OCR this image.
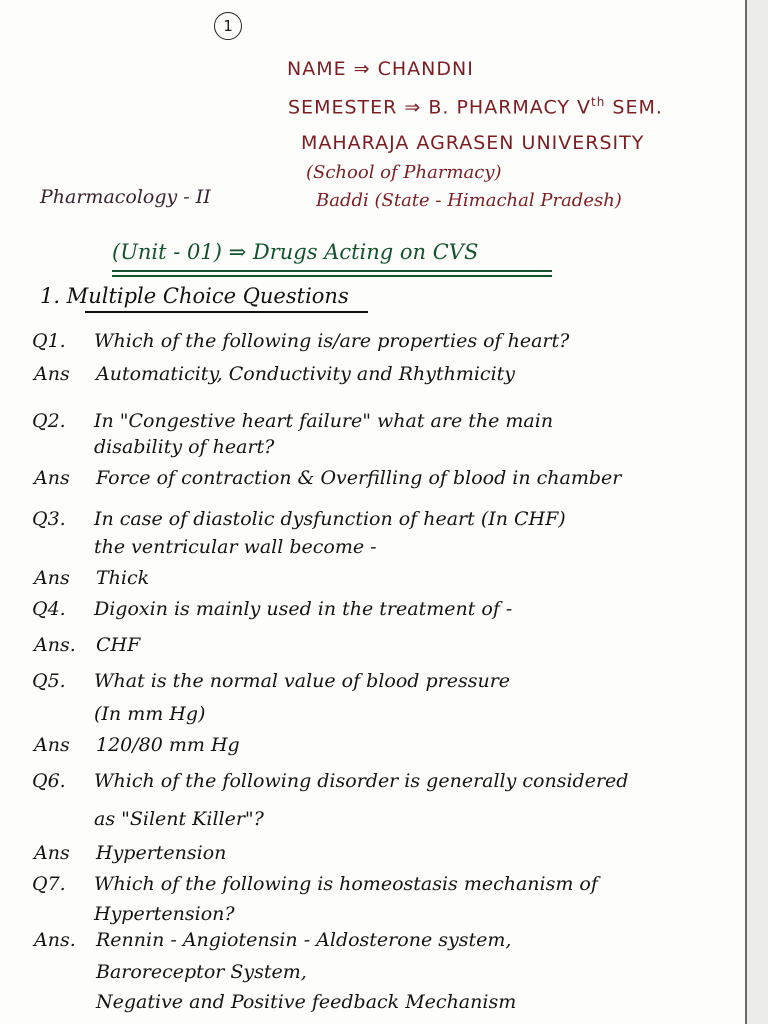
1
NAME ⇒ CHANDNI
SEMESTER ⇒ B. PHARMACY Vth SEM.
MAHARAJA AGRASEN UNIVERSITY
(School of Pharmacy)
Baddi (State - Himachal Pradesh)
Pharmacology - II
(Unit - 01) ⇒ Drugs Acting on CVS
1. Multiple Choice Questions
Q1. Which of the following is/are properties of heart?
Ans Automaticity, Conductivity and Rhythmicity
Q2. In "Congestive heart failure" what are the main
disability of heart?
Ans Force of contraction & Overfilling of blood in chamber
Q3. In case of diastolic dysfunction of heart (In CHF)
the ventricular wall become -
Ans Thick
Q4. Digoxin is mainly used in the treatment of -
Ans. CHF
Q5. What is the normal value of blood pressure
(In mm Hg)
Ans 120/80 mm Hg
Q6. Which of the following disorder is generally considered
as "Silent Killer"?
Ans Hypertension
Q7. Which of the following is homeostasis mechanism of
Hypertension?
Ans. Rennin - Angiotensin - Aldosterone system,
Baroreceptor System,
Negative and Positive feedback Mechanism
